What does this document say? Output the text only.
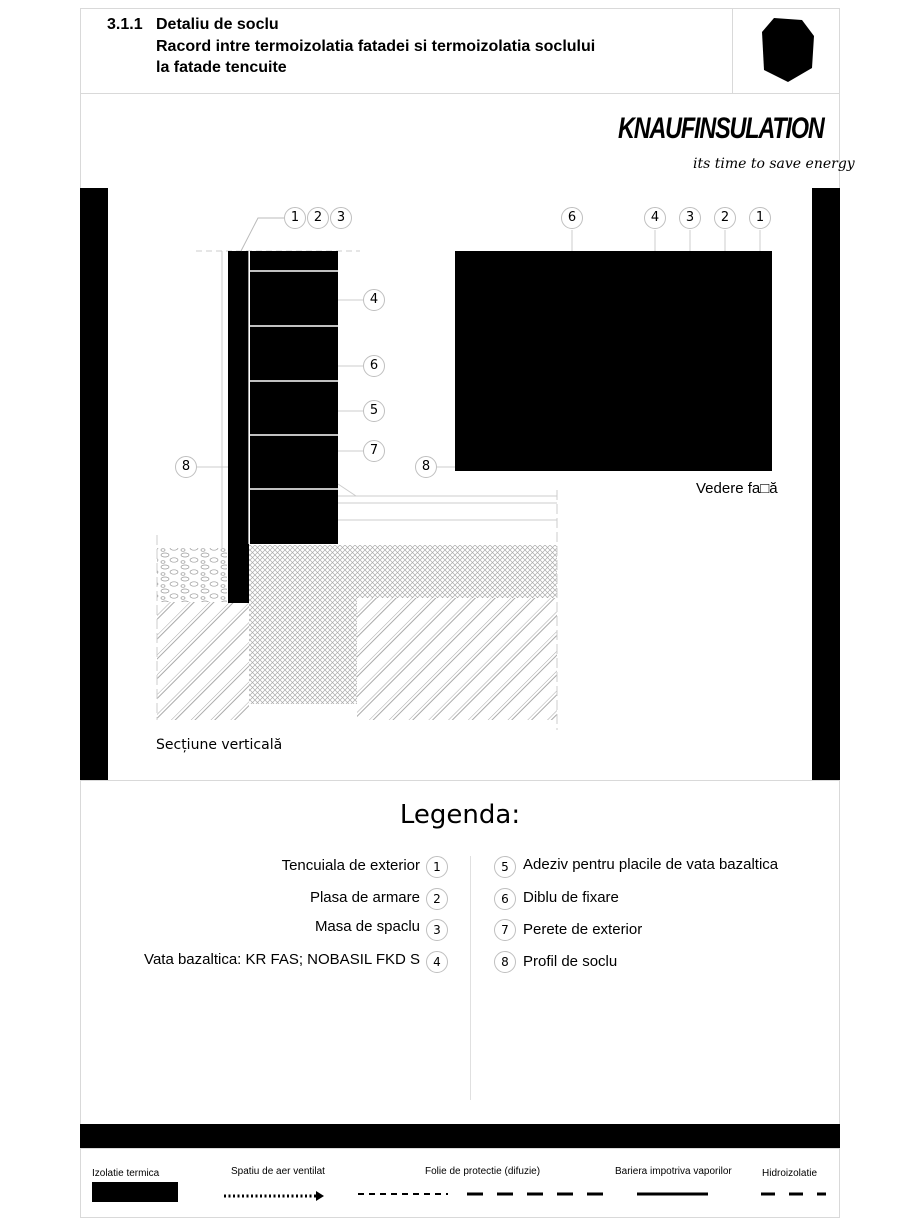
3.1.1 Detaliu de soclu
Racord intre termoizolatia fatadei si termoizolatia soclului
la fatade tencuite
KNAUFINSULATION
its time to save energy
1	2	3
4
6
5
7
8
Secțiune verticală
6	4	3	2	1
8
Vedere fa□ă
Legenda:
Tencuiala de exterior	1
Plasa de armare	2
Masa de spaclu	3
Vata bazaltica: KR FAS; NOBASIL FKD S	4
5 Adeziv pentru placile de vata bazaltica
6 Diblu de fixare
7 Perete de exterior
8 Profil de soclu
Izolatie termica	Spatiu de aer ventilat	Folie de protectie (difuzie)	Bariera impotriva vaporilor	Hidroizolatie
